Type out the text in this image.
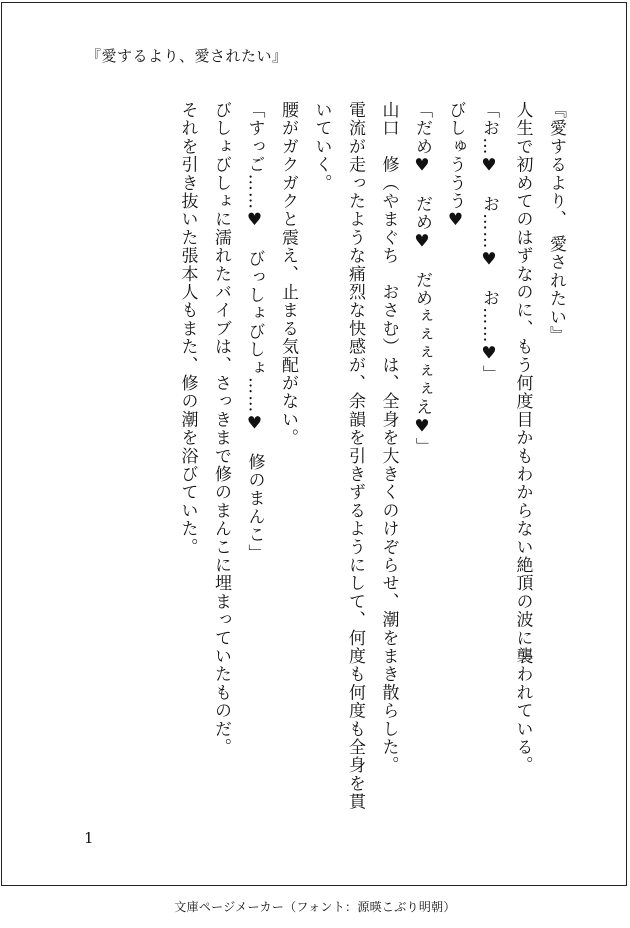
『愛するより、愛されたい』

『愛するより、 愛されたい』

人生で初めてのはずなのに、もう何度目かもわからない絶頂の波に襲われている。

「お…♥　お……♥　お……♥」

びしゅううう♥

「だめ♥　だめ♥　だめぇぇぇぇぇえ♥」

山口　修（やまぐち　おさむ）は、全身を大きくのけぞらせ、潮をまき散らした。

電流が走ったような痛烈な快感が、余韻を引きずるようにして、何度も何度も全身を貫いていく。

腰がガクガクと震え、止まる気配がない。

「すっご……♥　びっしょびしょ……♥　修のまんこ」

びしょびしょに濡れたバイブは、さっきまで修のまんこに埋まっていたものだ。

それを引き抜いた張本人もまた、修の潮を浴びていた。

1
文庫ページメーカー（フォント：源暎こぶり明朝）
